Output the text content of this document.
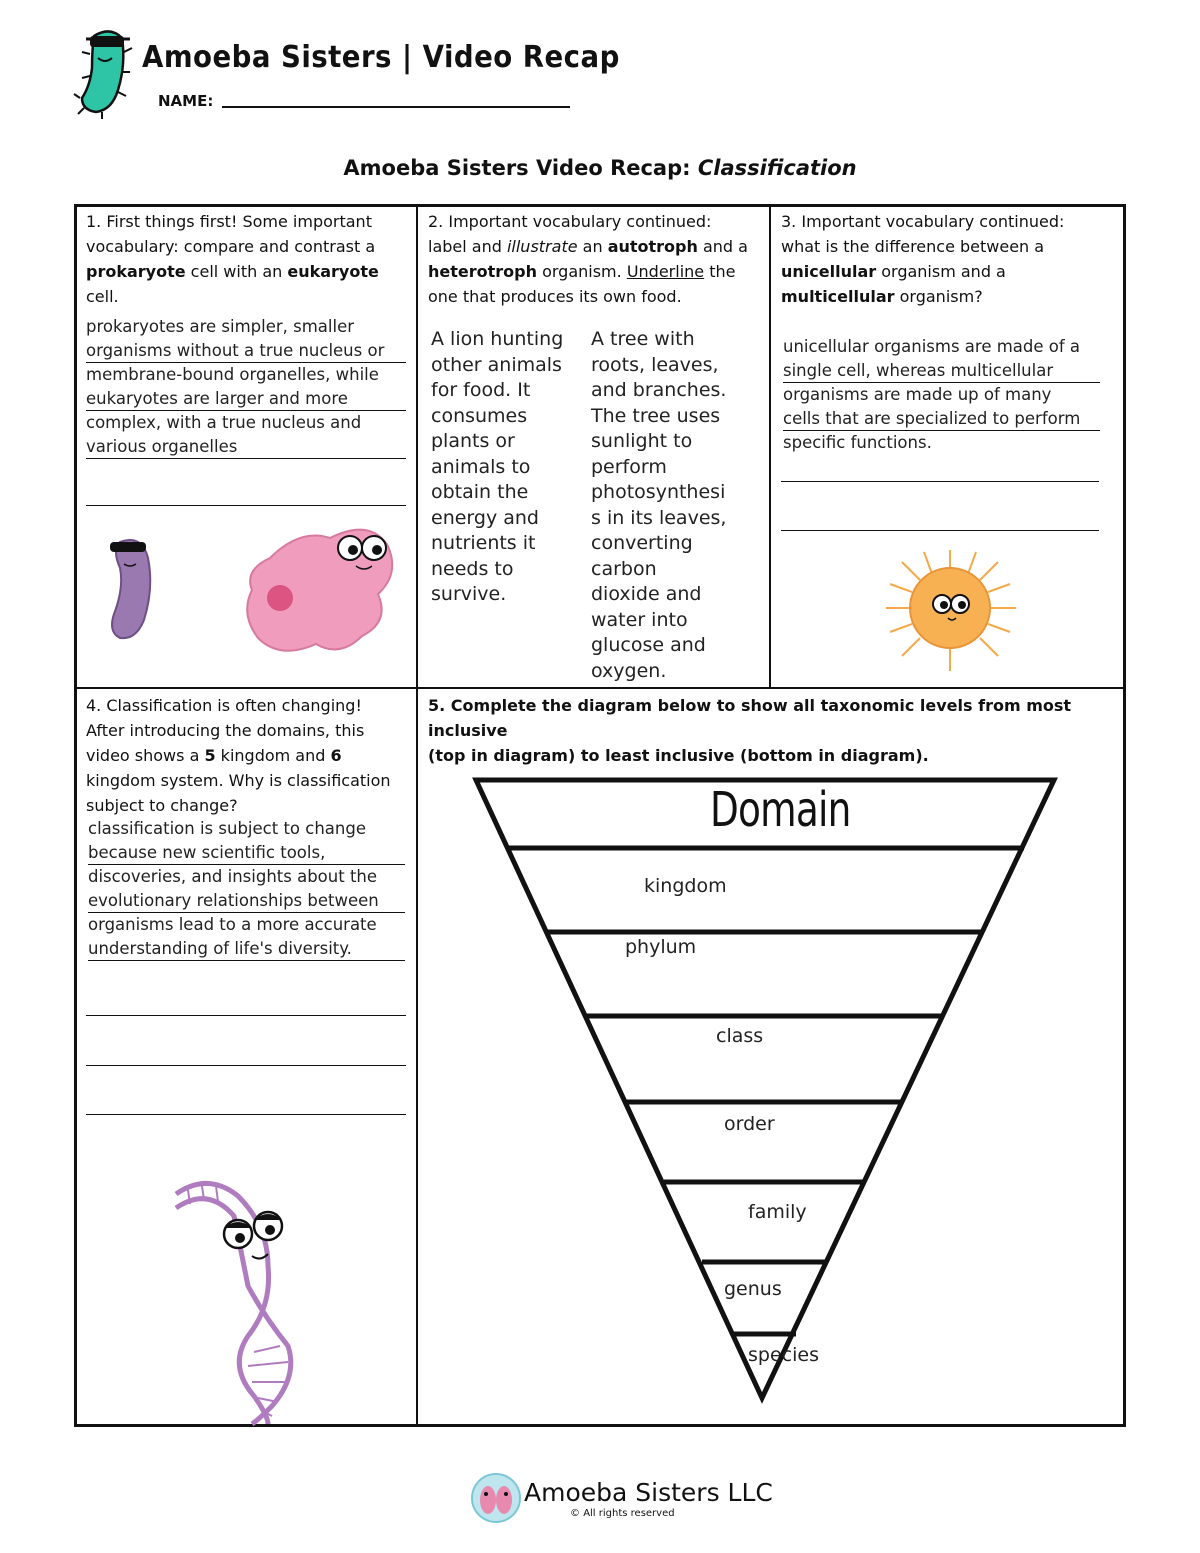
Amoeba Sisters | Video Recap
NAME:
Amoeba Sisters Video Recap: Classification
1. First things first! Some important
vocabulary: compare and contrast a
prokaryote cell with an eukaryote
cell.
prokaryotes are simpler, smaller
organisms without a true nucleus or
membrane-bound organelles, while
eukaryotes are larger and more
complex, with a true nucleus and
various organelles
2. Important vocabulary continued:
label and illustrate an autotroph and a
heterotroph organism. Underline the
one that produces its own food.
A lion hunting
other animals
for food. It
consumes
plants or
animals to
obtain the
energy and
nutrients it
needs to
survive.
A tree with
roots, leaves,
and branches.
The tree uses
sunlight to
perform
photosynthesi
s in its leaves,
converting
carbon
dioxide and
water into
glucose and
oxygen.
3. Important vocabulary continued:
what is the difference between a
unicellular organism and a
multicellular organism?
unicellular organisms are made of a
single cell, whereas multicellular
organisms are made up of many
cells that are specialized to perform
specific functions.
4. Classification is often changing!
After introducing the domains, this
video shows a 5 kingdom and 6
kingdom system. Why is classification
subject to change?
classification is subject to change
because new scientific tools,
discoveries, and insights about the
evolutionary relationships between
organisms lead to a more accurate
understanding of life's diversity.
5. Complete the diagram below to show all taxonomic levels from most inclusive
(top in diagram) to least inclusive (bottom in diagram).
Domain
kingdom
phylum
class
order
family
genus
species
Amoeba Sisters LLC
© All rights reserved
